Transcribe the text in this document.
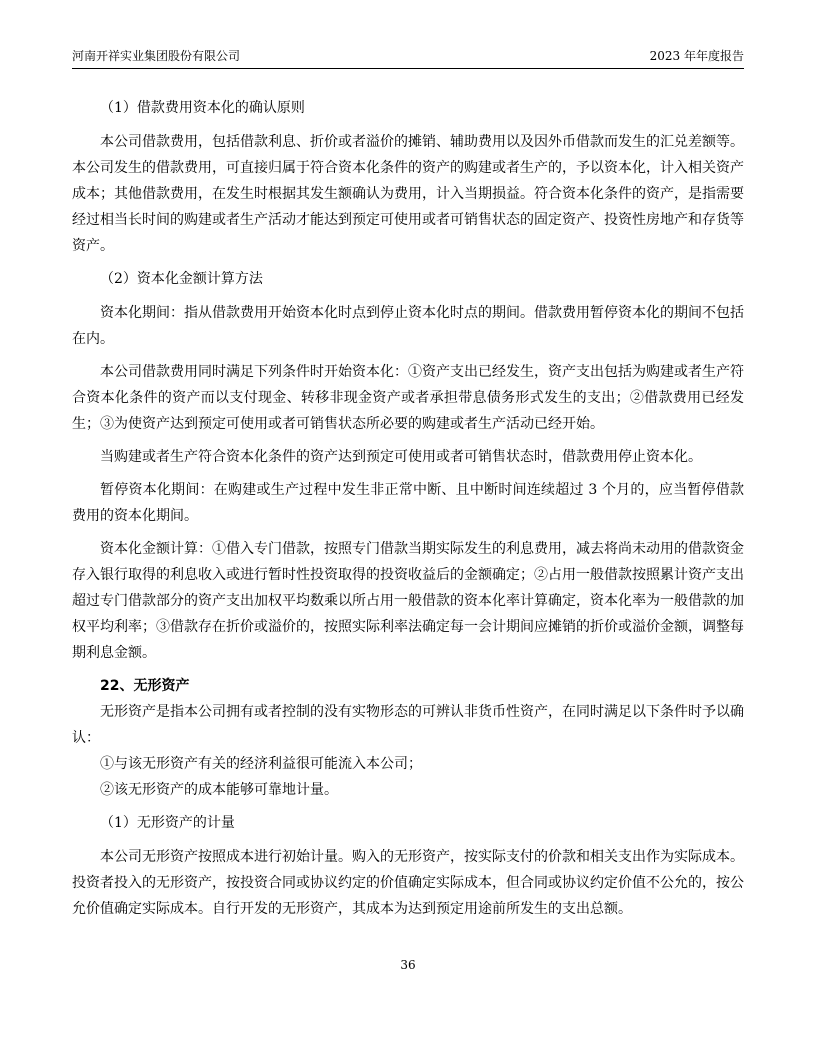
河南开祥实业集团股份有限公司	2023 年年度报告

（1）借款费用资本化的确认原则

本公司借款费用，包括借款利息、折价或者溢价的摊销、辅助费用以及因外币借款而发生的汇兑差额等。本公司发生的借款费用，可直接归属于符合资本化条件的资产的购建或者生产的，予以资本化，计入相关资产成本；其他借款费用，在发生时根据其发生额确认为费用，计入当期损益。符合资本化条件的资产，是指需要经过相当长时间的购建或者生产活动才能达到预定可使用或者可销售状态的固定资产、投资性房地产和存货等资产。

（2）资本化金额计算方法

资本化期间：指从借款费用开始资本化时点到停止资本化时点的期间。借款费用暂停资本化的期间不包括在内。

本公司借款费用同时满足下列条件时开始资本化：①资产支出已经发生，资产支出包括为购建或者生产符合资本化条件的资产而以支付现金、转移非现金资产或者承担带息债务形式发生的支出；②借款费用已经发生；③为使资产达到预定可使用或者可销售状态所必要的购建或者生产活动已经开始。

当购建或者生产符合资本化条件的资产达到预定可使用或者可销售状态时，借款费用停止资本化。

暂停资本化期间：在购建或生产过程中发生非正常中断、且中断时间连续超过 3 个月的，应当暂停借款费用的资本化期间。

资本化金额计算：①借入专门借款，按照专门借款当期实际发生的利息费用，减去将尚未动用的借款资金存入银行取得的利息收入或进行暂时性投资取得的投资收益后的金额确定；②占用一般借款按照累计资产支出超过专门借款部分的资产支出加权平均数乘以所占用一般借款的资本化率计算确定，资本化率为一般借款的加权平均利率；③借款存在折价或溢价的，按照实际利率法确定每一会计期间应摊销的折价或溢价金额，调整每期利息金额。

22、无形资产

无形资产是指本公司拥有或者控制的没有实物形态的可辨认非货币性资产，在同时满足以下条件时予以确认：

①与该无形资产有关的经济利益很可能流入本公司；

②该无形资产的成本能够可靠地计量。

（1）无形资产的计量

本公司无形资产按照成本进行初始计量。购入的无形资产，按实际支付的价款和相关支出作为实际成本。投资者投入的无形资产，按投资合同或协议约定的价值确定实际成本，但合同或协议约定价值不公允的，按公允价值确定实际成本。自行开发的无形资产，其成本为达到预定用途前所发生的支出总额。

36
